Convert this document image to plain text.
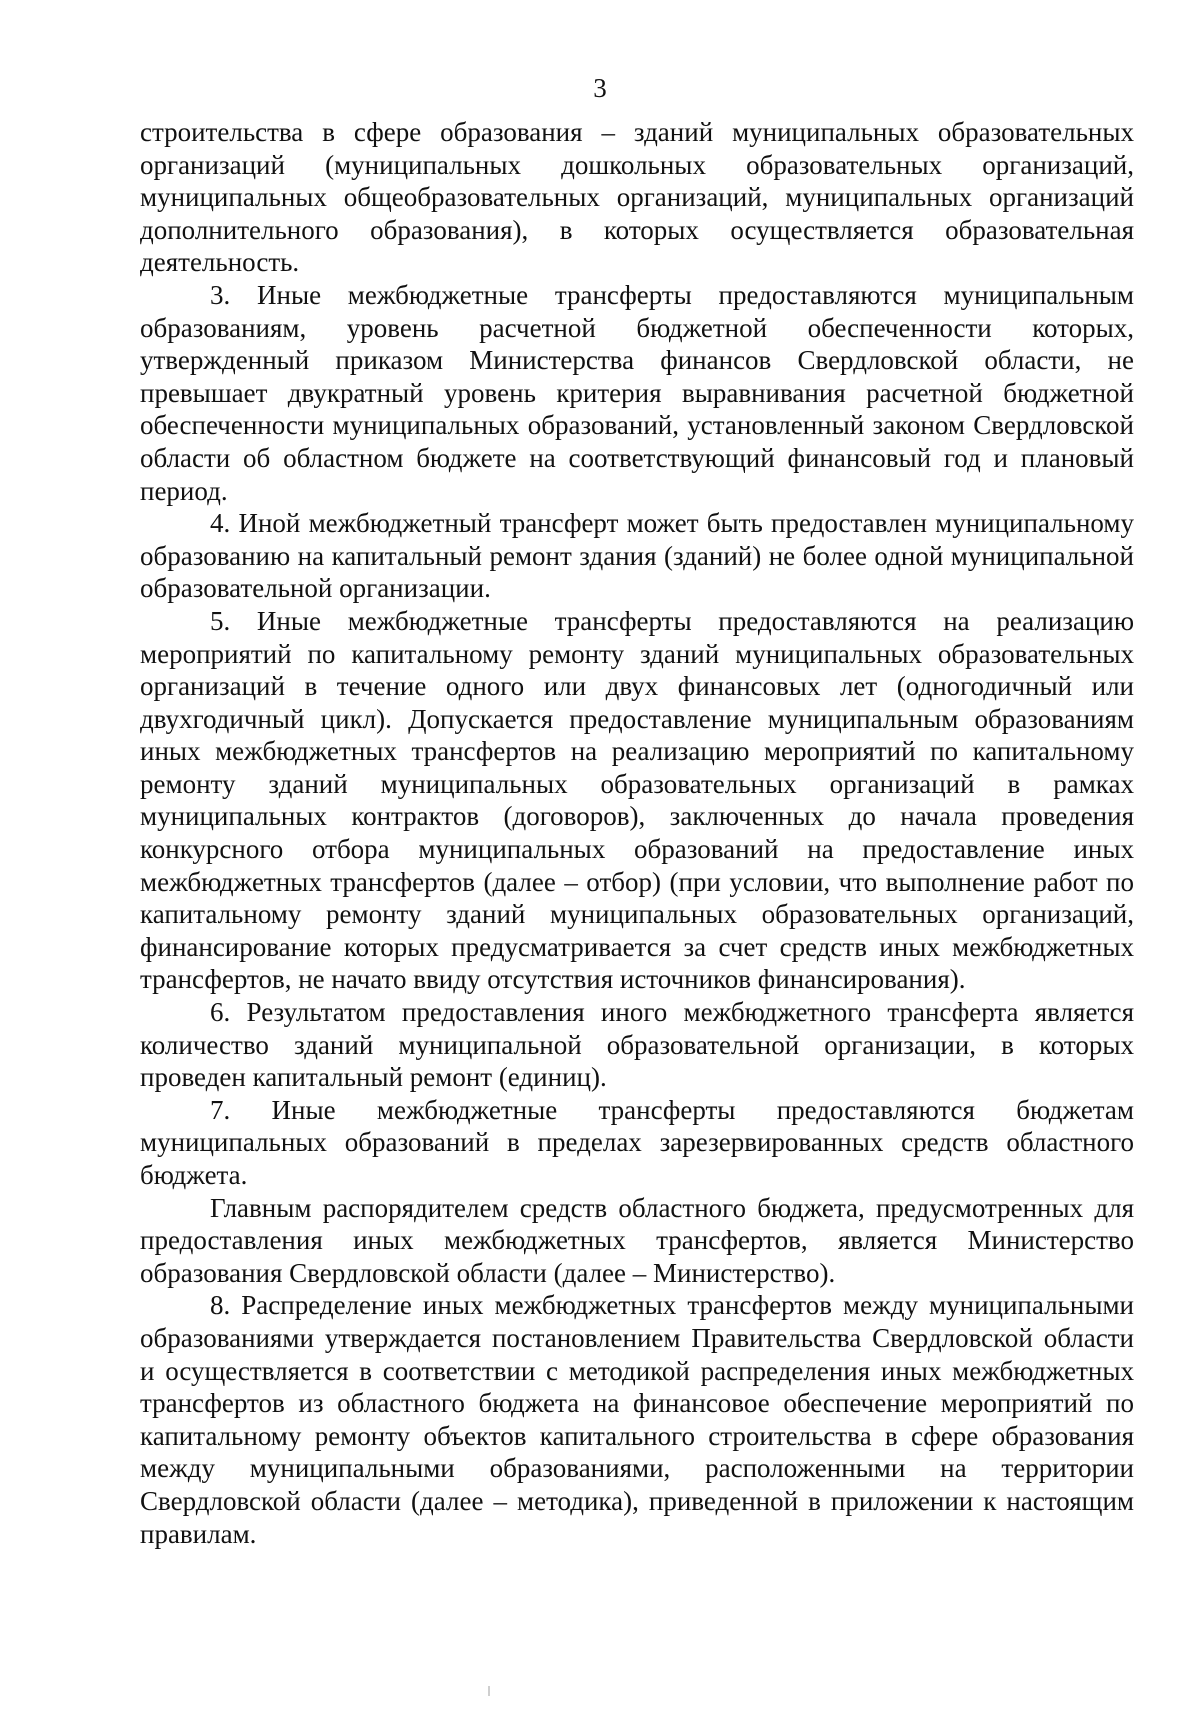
3

строительства в сфере образования – зданий муниципальных образовательных организаций (муниципальных дошкольных образовательных организаций, муниципальных общеобразовательных организаций, муниципальных организаций дополнительного образования), в которых осуществляется образовательная деятельность.

3. Иные межбюджетные трансферты предоставляются муниципальным образованиям, уровень расчетной бюджетной обеспеченности которых, утвержденный приказом Министерства финансов Свердловской области, не превышает двукратный уровень критерия выравнивания расчетной бюджетной обеспеченности муниципальных образований, установленный законом Свердловской области об областном бюджете на соответствующий финансовый год и плановый период.

4. Иной межбюджетный трансферт может быть предоставлен муниципальному образованию на капитальный ремонт здания (зданий) не более одной муниципальной образовательной организации.

5. Иные межбюджетные трансферты предоставляются на реализацию мероприятий по капитальному ремонту зданий муниципальных образовательных организаций в течение одного или двух финансовых лет (одногодичный или двухгодичный цикл). Допускается предоставление муниципальным образованиям иных межбюджетных трансфертов на реализацию мероприятий по капитальному ремонту зданий муниципальных образовательных организаций в рамках муниципальных контрактов (договоров), заключенных до начала проведения конкурсного отбора муниципальных образований на предоставление иных межбюджетных трансфертов (далее – отбор) (при условии, что выполнение работ по капитальному ремонту зданий муниципальных образовательных организаций, финансирование которых предусматривается за счет средств иных межбюджетных трансфертов, не начато ввиду отсутствия источников финансирования).

6. Результатом предоставления иного межбюджетного трансферта является количество зданий муниципальной образовательной организации, в которых проведен капитальный ремонт (единиц).

7. Иные межбюджетные трансферты предоставляются бюджетам муниципальных образований в пределах зарезервированных средств областного бюджета.

Главным распорядителем средств областного бюджета, предусмотренных для предоставления иных межбюджетных трансфертов, является Министерство образования Свердловской области (далее – Министерство).

8. Распределение иных межбюджетных трансфертов между муниципальными образованиями утверждается постановлением Правительства Свердловской области и осуществляется в соответствии с методикой распределения иных межбюджетных трансфертов из областного бюджета на финансовое обеспечение мероприятий по капитальному ремонту объектов капитального строительства в сфере образования между муниципальными образованиями, расположенными на территории Свердловской области (далее – методика), приведенной в приложении к настоящим правилам.
